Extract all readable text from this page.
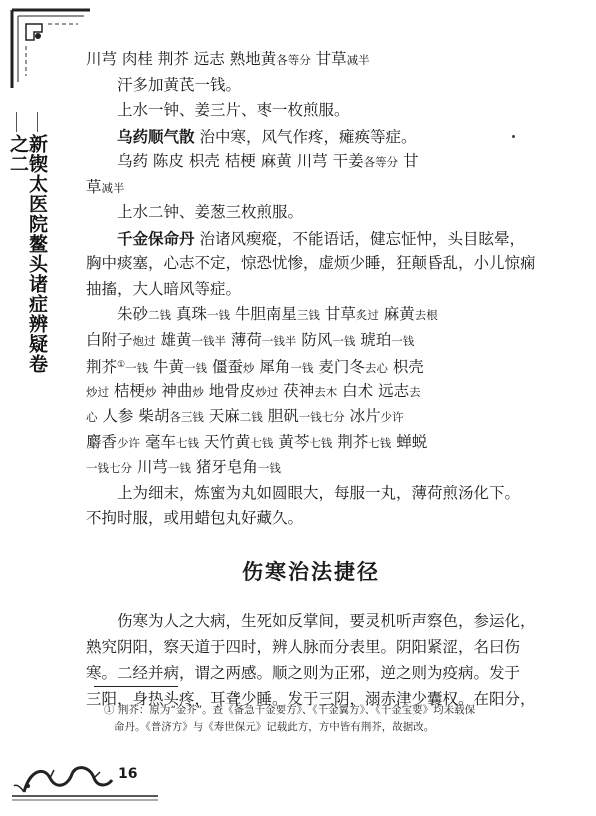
新锲太医院鳌头诸症辨疑卷之二
川芎 肉桂 荆芥 远志 熟地黄各等分 甘草减半
汗多加黄芪一钱。
上水一钟、姜三片、枣一枚煎服。
乌药顺气散 治中寒，风气作疼，瘫痪等症。
乌药 陈皮 枳壳 桔梗 麻黄 川芎 干姜各等分 甘
草减半
上水二钟、姜葱三枚煎服。
千金保命丹 治诸风瘈瘲，不能语话，健忘怔忡，头目眩晕，
胸中痰塞，心志不定，惊恐忧惨，虚烦少睡，狂颠昏乱，小儿惊痫
抽搐，大人暗风等症。
朱砂二钱 真珠一钱 牛胆南星三钱 甘草炙过 麻黄去根
白附子炮过 雄黄一钱半 薄荷一钱半 防风一钱 琥珀一钱
荆芥①一钱 牛黄一钱 僵蚕炒 犀角一钱 麦门冬去心 枳壳
炒过 桔梗炒 神曲炒 地骨皮炒过 茯神去木 白术 远志去
心 人参 柴胡各三钱 天麻二钱 胆矾一钱七分 冰片少许
麝香少许 毫车七钱 天竹黄七钱 黄芩七钱 荆芥七钱 蝉蜕
一钱七分 川芎一钱 猪牙皂角一钱
上为细末，炼蜜为丸如圆眼大，每服一丸，薄荷煎汤化下。
不拘时服，或用蜡包丸好藏久。
伤寒治法捷径
伤寒为人之大病，生死如反掌间，要灵机听声察色，参运化，
熟究阴阳，察天道于四时，辨人脉而分表里。阴阳紧涩，名曰伤
寒。二经并病，谓之两感。顺之则为正邪，逆之则为疫病。发于
三阳，身热头疼，耳聋少睡。发于三阴，溺赤津少囊权。在阳分，
① 荆芥：原为“金芥”。查《备急千金要方》、《千金翼方》、《千金宝要》均未载保
命丹。《普济方》与《寿世保元》记载此方，方中皆有荆芥，故据改。
16
